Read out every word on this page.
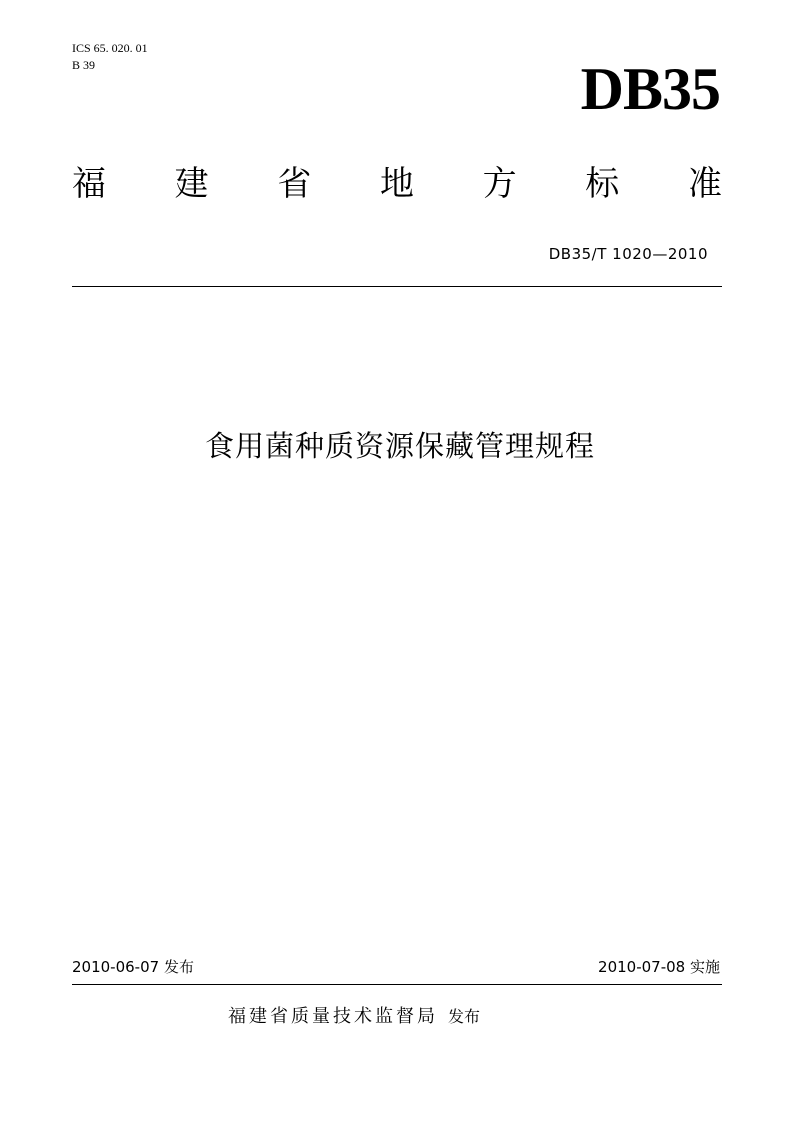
ICS 65. 020. 01
B 39	DB35
福 建 省 地 方 标 准
DB35/T 1020—2010
食用菌种质资源保藏管理规程
2010-06-07 发布	2010-07-08 实施
福建省质量技术监督局 发布
